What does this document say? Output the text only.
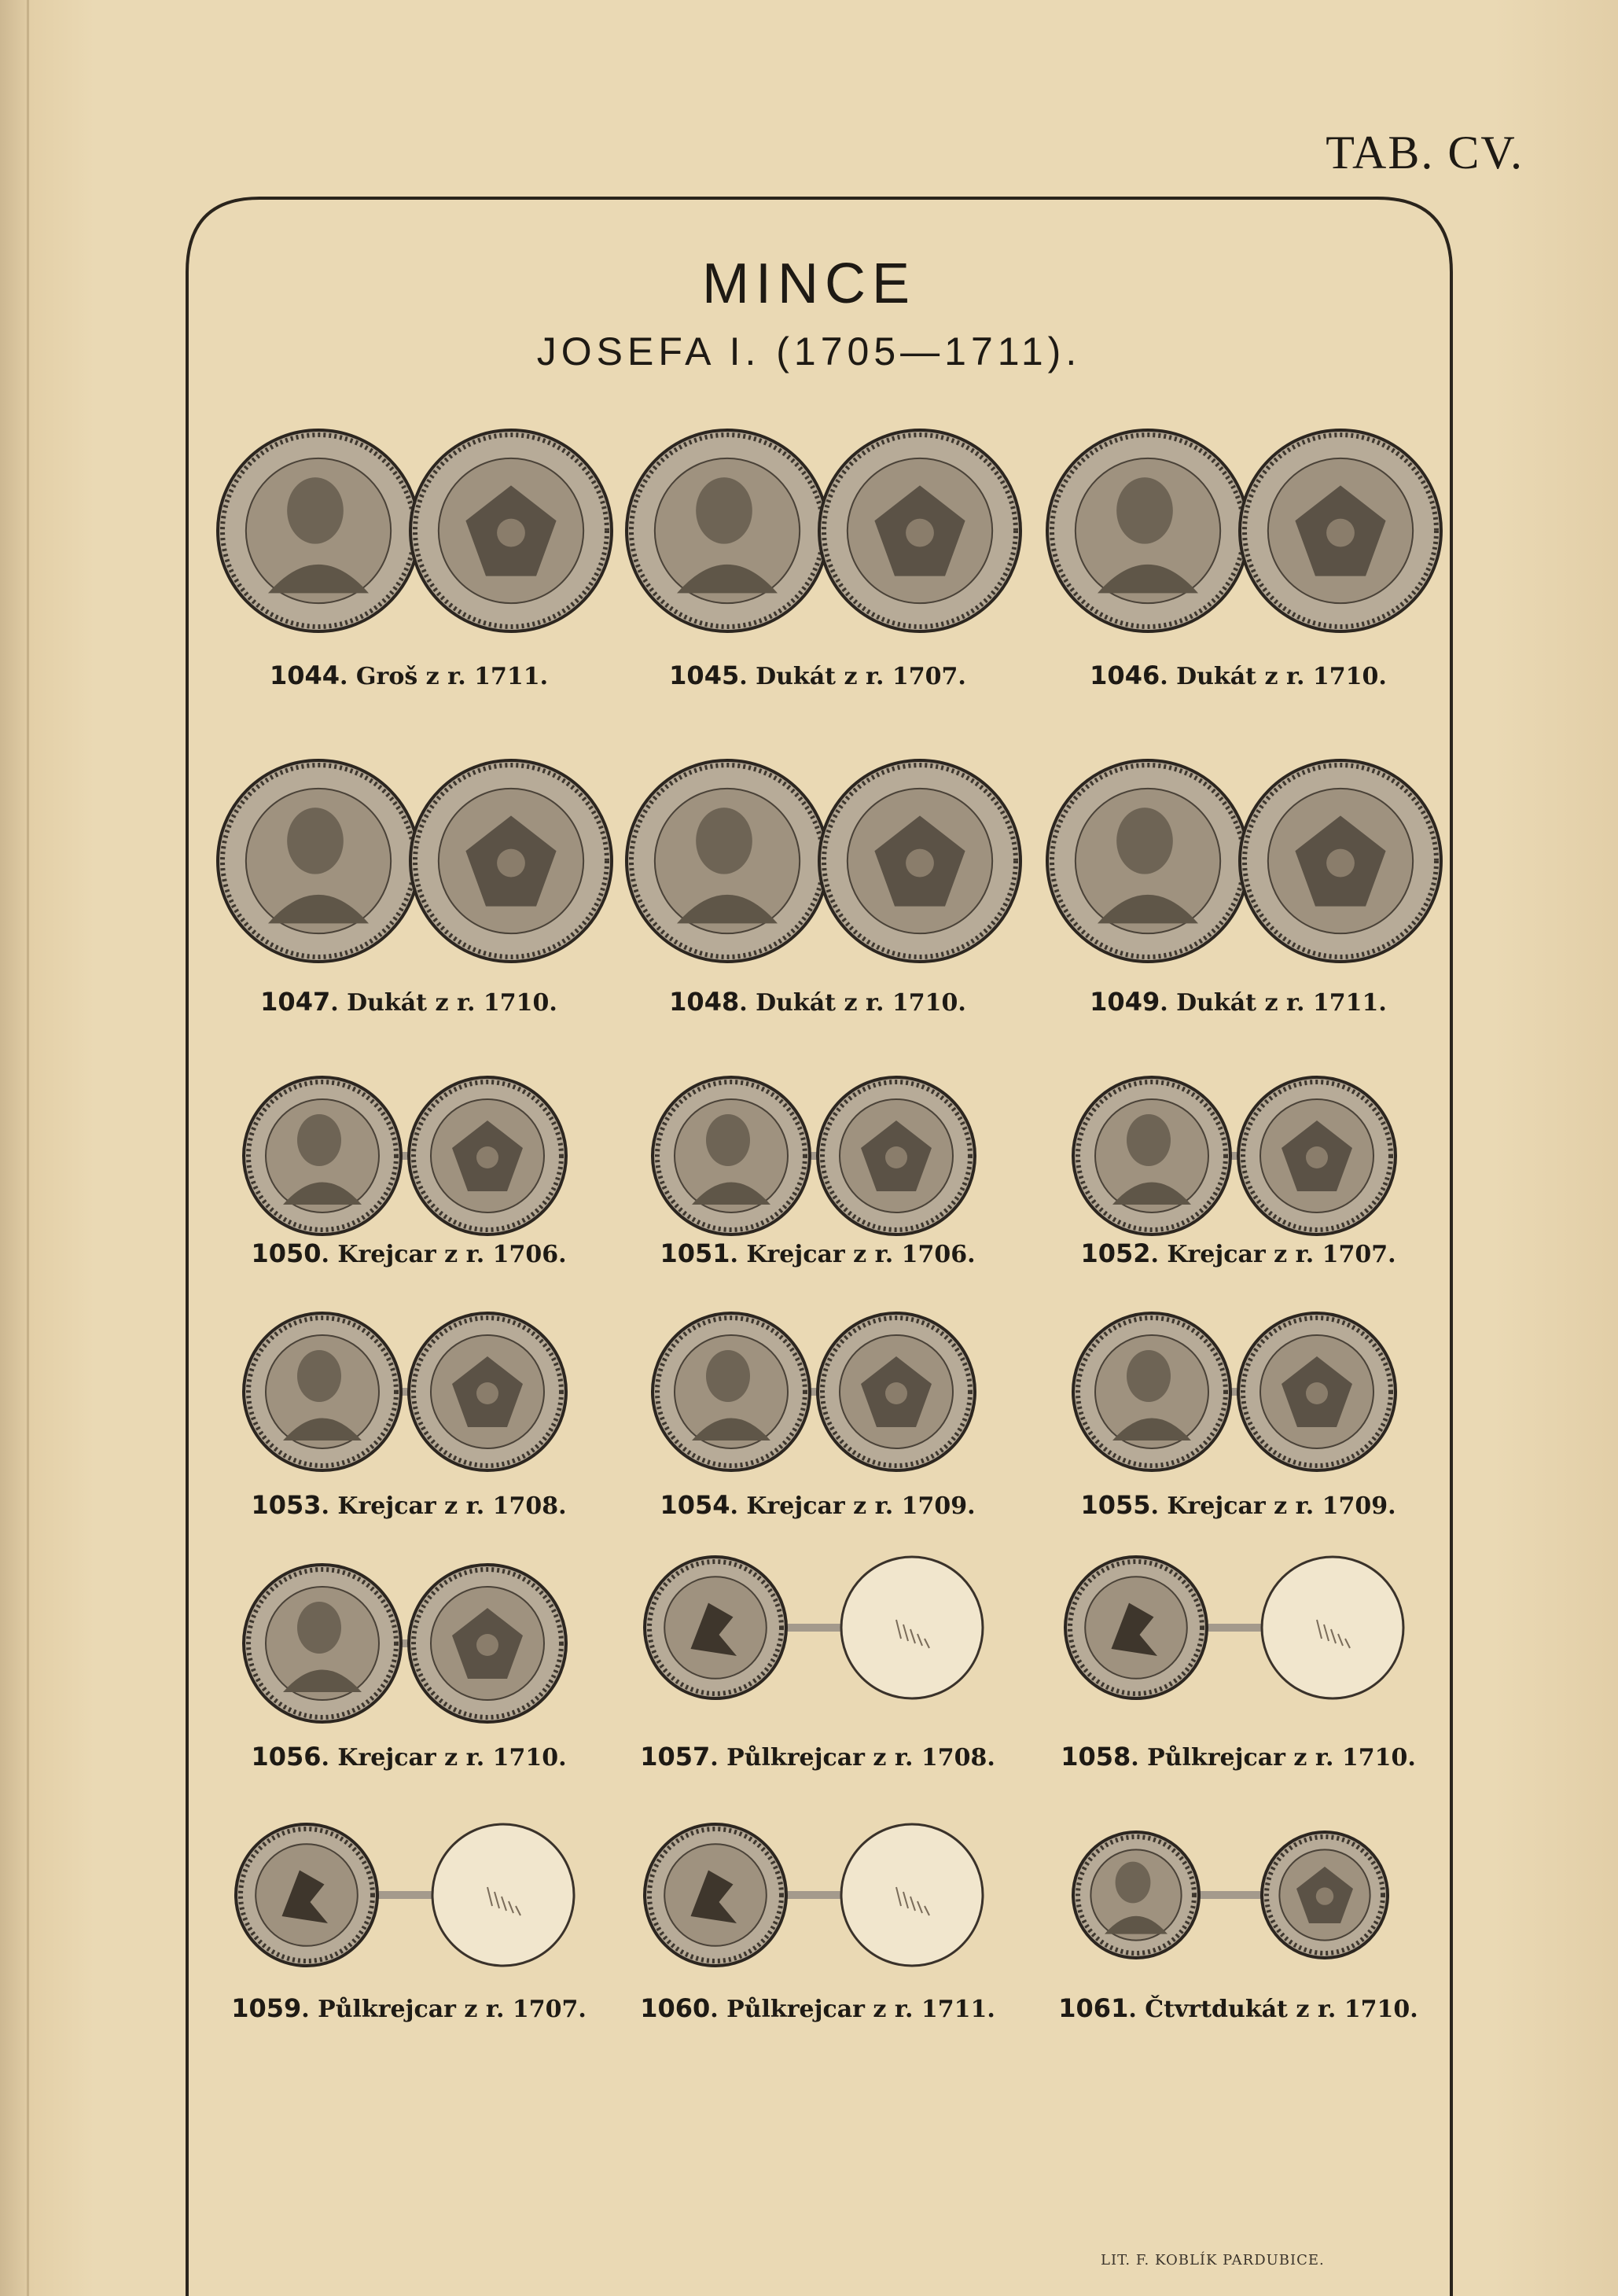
TAB. CV.
MINCE
JOSEFA I. (1705—1711).
LIT. F. KOBLÍK PARDUBICE.
1044. Groš z r. 1711.	1045. Dukát z r. 1707.	1046. Dukát z r. 1710.
1047. Dukát z r. 1710.	1048. Dukát z r. 1710.	1049. Dukát z r. 1711.
1050. Krejcar z r. 1706.	1051. Krejcar z r. 1706.	1052. Krejcar z r. 1707.
1053. Krejcar z r. 1708.	1054. Krejcar z r. 1709.	1055. Krejcar z r. 1709.
1056. Krejcar z r. 1710.	1057. Půlkrejcar z r. 1708.	1058. Půlkrejcar z r. 1710.
1059. Půlkrejcar z r. 1707.	1060. Půlkrejcar z r. 1711.	1061. Čtvrtdukát z r. 1710.
